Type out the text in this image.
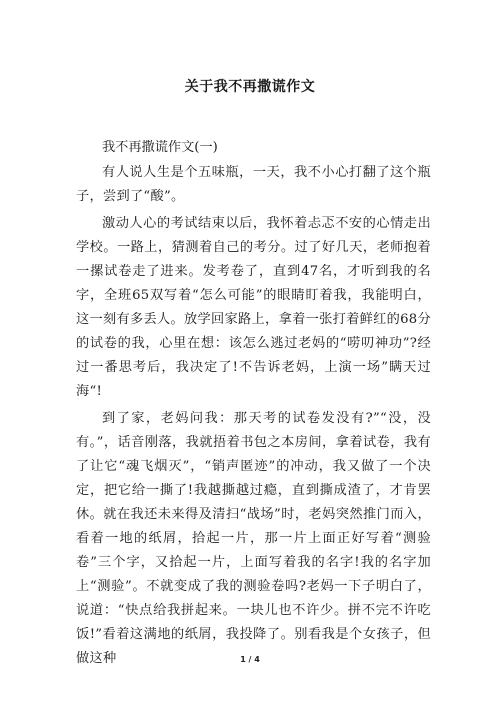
关于我不再撒谎作文

我不再撒谎作文(一)

有人说人生是个五味瓶，一天，我不小心打翻了这个瓶子，尝到了“酸”。

激动人心的考试结束以后，我怀着忐忑不安的心情走出学校。一路上，猜测着自己的考分。过了好几天，老师抱着一摞试卷走了进来。发考卷了，直到47名，才听到我的名字，全班65双写着“怎么可能”的眼睛盯着我，我能明白，这一刻有多丢人。放学回家路上，拿着一张打着鲜红的68分的试卷的我，心里在想：该怎么逃过老妈的“唠叨神功”?经过一番思考后，我决定了!不告诉老妈，上演一场”瞒天过海“!

到了家，老妈问我：那天考的试卷发没有?”“没，没有。”，话音刚落，我就捂着书包之本房间，拿着试卷，我有了让它“魂飞烟灭”，“销声匿迹”的冲动，我又做了一个决定，把它给一撕了!我越撕越过瘾，直到撕成渣了，才肯罢休。就在我还未来得及清扫“战场”时，老妈突然推门而入，看着一地的纸屑，拾起一片，那一片上面正好写着“测验卷”三个字，又拾起一片，上面写着我的名字!我的名字加上“测验”。不就变成了我的测验卷吗?老妈一下子明白了，说道：“快点给我拼起来。一块儿也不许少。拼不完不许吃饭!”看着这满地的纸屑，我投降了。别看我是个女孩子，但做这种	1 / 4
